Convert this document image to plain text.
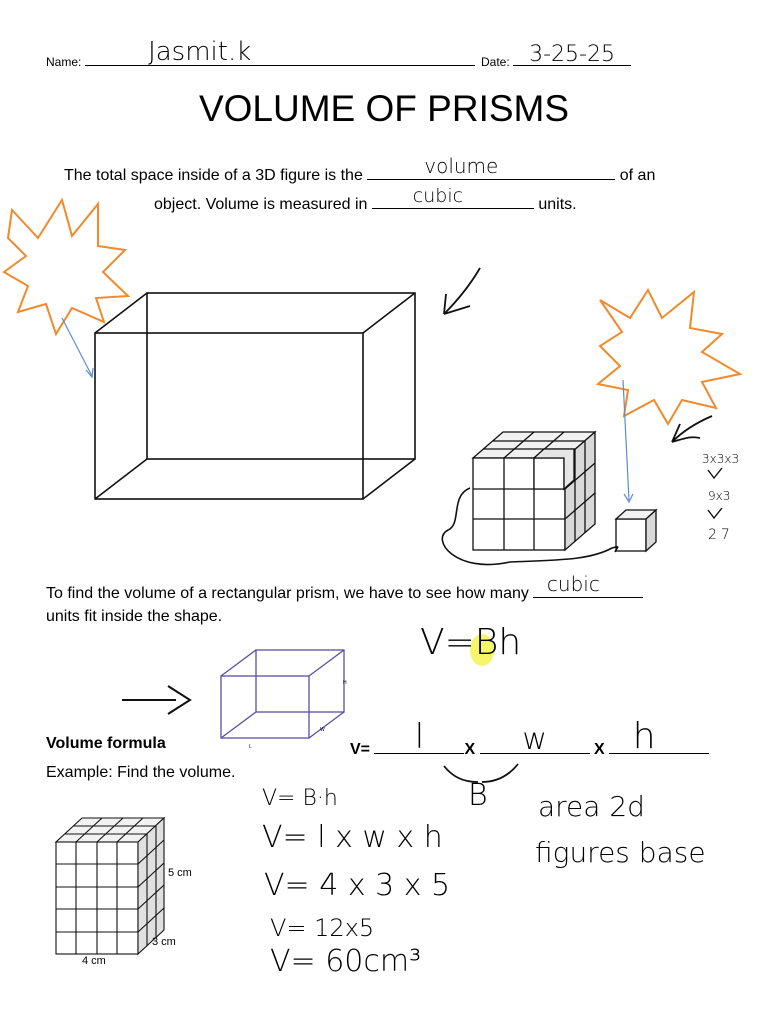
Name:	Jasmit.k	Date: 3-25-25
VOLUME OF PRISMS
The total space inside of a 3D figure is the	volume	of an
object. Volume is measured in	cubic	units.
3x3x3
9x3
27
To find the volume of a rectangular prism, we have to see how many cubic
units fit inside the shape.
V=Bh
H
W
L
Volume formula	V=	l	X	w	X h
B
Example: Find the volume.
5 cm
3 cm
4 cm
V= B·h
V= l x w x h
V= 4 x 3 x 5
V= 12x5
V= 60cm³
area 2d
figures base
